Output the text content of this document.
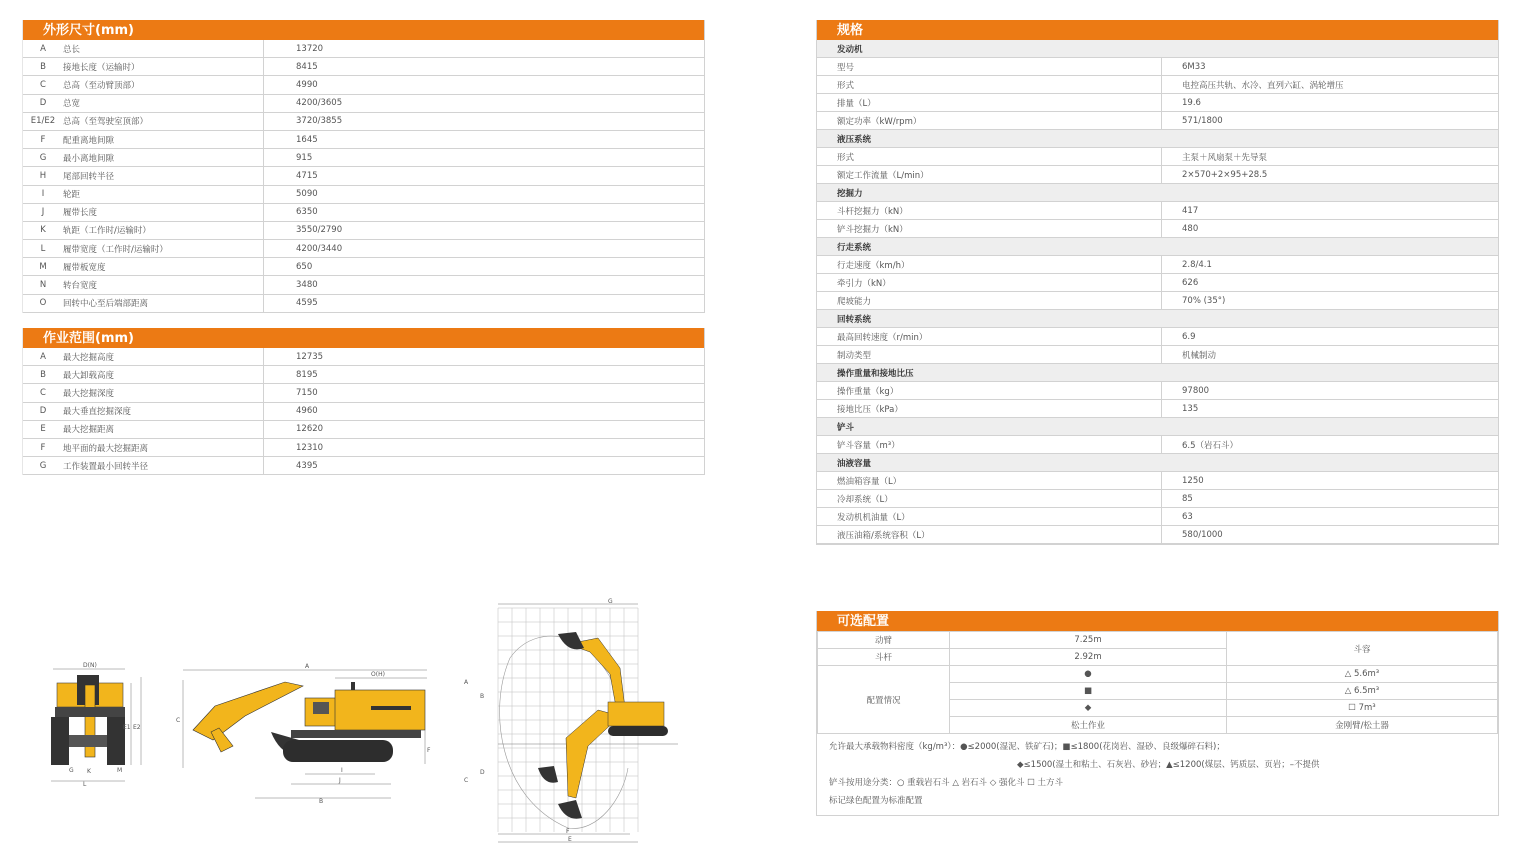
外形尺寸(mm)
A	总长	13720
B	接地长度（运输时）	8415
C	总高（至动臂顶部）	4990
D	总宽	4200/3605
E1/E2	总高（至驾驶室顶部）	3720/3855
F	配重离地间隙	1645
G	最小离地间隙	915
H	尾部回转半径	4715
I	轮距	5090
J	履带长度	6350
K	轨距（工作时/运输时）	3550/2790
L	履带宽度（工作时/运输时）	4200/3440
M	履带板宽度	650
N	转台宽度	3480
O	回转中心至后端部距离	4595
作业范围(mm)
A	最大挖掘高度	12735
B	最大卸载高度	8195
C	最大挖掘深度	7150
D	最大垂直挖掘深度	4960
E	最大挖掘距离	12620
F	地平面的最大挖掘距离	12310
G	工作装置最小回转半径	4395
规格
发动机	
型号	6M33
形式	电控高压共轨、水冷、直列六缸、涡轮增压
排量（L）	19.6
额定功率（kW/rpm）	571/1800
液压系统	
形式	主泵＋风扇泵＋先导泵
额定工作流量（L/min）	2×570+2×95+28.5
挖掘力	
斗杆挖掘力（kN）	417
铲斗挖掘力（kN）	480
行走系统	
行走速度（km/h）	2.8/4.1
牵引力（kN）	626
爬坡能力	70% (35°)
回转系统	
最高回转速度（r/min）	6.9
制动类型	机械制动
操作重量和接地比压	
操作重量（kg）	97800
接地比压（kPa）	135
铲斗	
铲斗容量（m³）	6.5（岩石斗）
油液容量	
燃油箱容量（L）	1250
冷却系统（L）	85
发动机机油量（L）	63
液压油箱/系统容积（L）	580/1000
可选配置
动臂	7.25m	斗容
斗杆	2.92m	
配置情况	●	△ 5.6m³
	■	△ 6.5m³
	◆	☐ 7m³
	松土作业	金刚臂/松土器
允许最大承载物料密度（kg/m³）：●≤2000(湿泥、铁矿石)；■≤1800(花岗岩、湿砂、良级爆碎石料)；
◆≤1500(湿土和粘土、石灰岩、砂岩；▲≤1200(煤层、钙质层、页岩；–不提供
铲斗按用途分类：○ 重载岩石斗 △ 岩石斗 ◇ 强化斗 ☐ 土方斗
标记绿色配置为标准配置
D(N)
E1 E2
G K	M
L
A
O(H)
C
F
I
J
B
G
A
B
C
D
F
E
